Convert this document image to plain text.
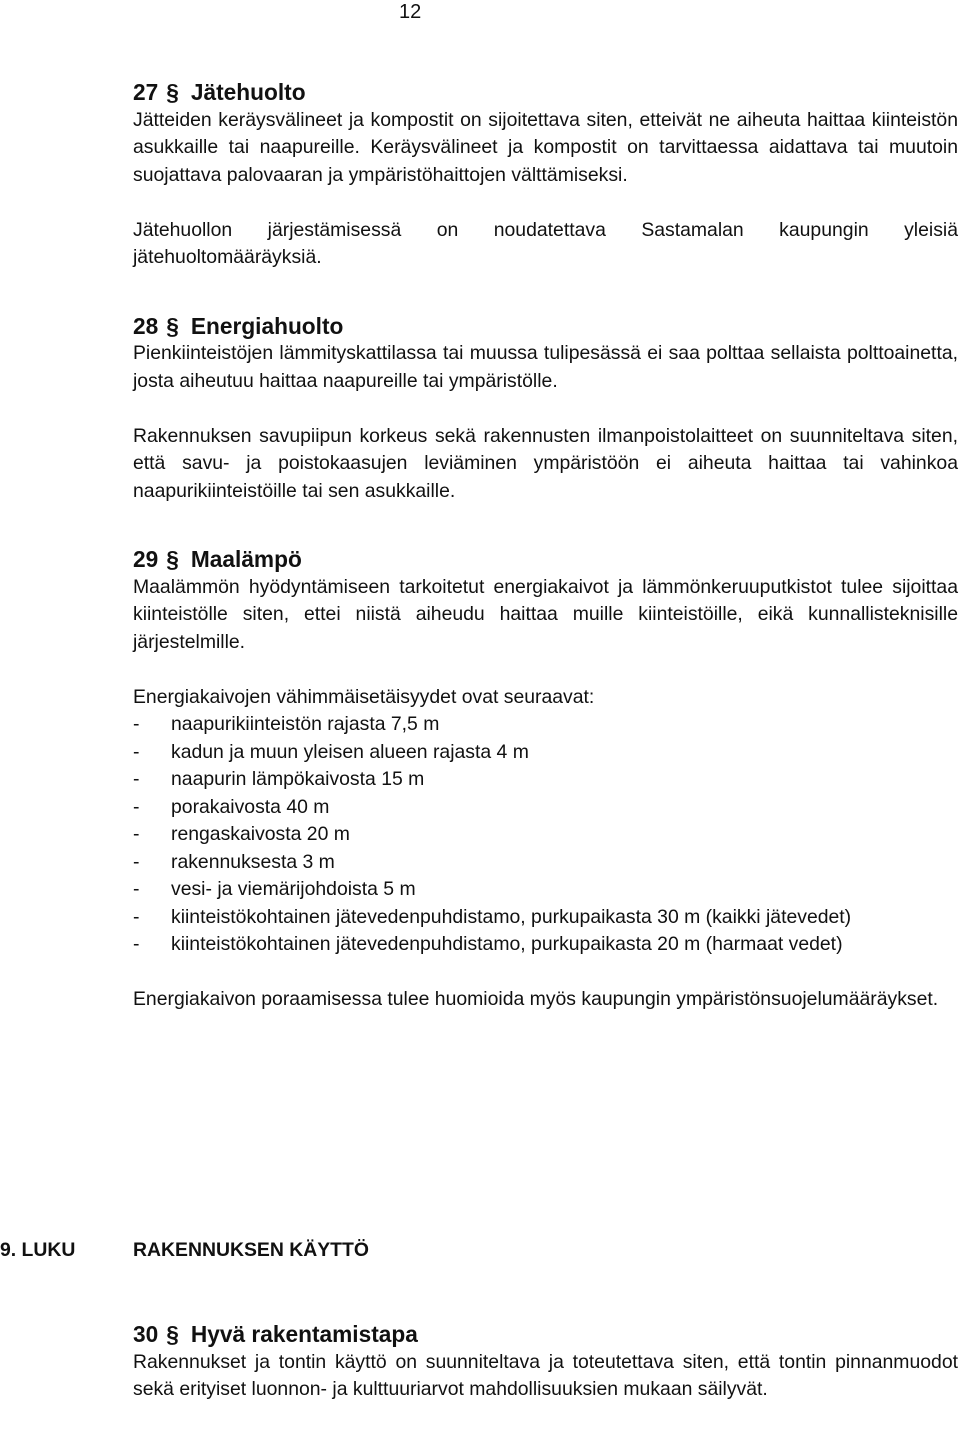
12
27 § Jätehuolto

Jätteiden keräysvälineet ja kompostit on sijoitettava siten, etteivät ne aiheuta haittaa kiinteistön asukkaille tai naapureille. Keräysvälineet ja kompostit on tarvittaessa aidattava tai muutoin suojattava palovaaran ja ympäristöhaittojen välttämiseksi.

Jätehuollon järjestämisessä on noudatettava Sastamalan kaupungin yleisiä jätehuoltomääräyksiä.

28 § Energiahuolto

Pienkiinteistöjen lämmityskattilassa tai muussa tulipesässä ei saa polttaa sellaista polttoainetta, josta aiheutuu haittaa naapureille tai ympäristölle.

Rakennuksen savupiipun korkeus sekä rakennusten ilmanpoistolaitteet on suunniteltava siten, että savu- ja poistokaasujen leviäminen ympäristöön ei aiheuta haittaa tai vahinkoa naapurikiinteistöille tai sen asukkaille.

29 § Maalämpö

Maalämmön hyödyntämiseen tarkoitetut energiakaivot ja lämmönkeruuputkistot tulee sijoittaa kiinteistölle siten, ettei niistä aiheudu haittaa muille kiinteistöille, eikä kunnallisteknisille järjestelmille.

Energiakaivojen vähimmäisetäisyydet ovat seuraavat:

-	naapurikiinteistön rajasta 7,5 m
-	kadun ja muun yleisen alueen rajasta 4 m
-	naapurin lämpökaivosta 15 m
-	porakaivosta 40 m
-	rengaskaivosta 20 m
-	rakennuksesta 3 m
-	vesi- ja viemärijohdoista 5 m
-	kiinteistökohtainen jätevedenpuhdistamo, purkupaikasta 30 m (kaikki jätevedet)
-	kiinteistökohtainen jätevedenpuhdistamo, purkupaikasta 20 m (harmaat vedet)

Energiakaivon poraamisessa tulee huomioida myös kaupungin ympäristönsuojelumääräykset.

9. LUKU	RAKENNUKSEN KÄYTTÖ
30 § Hyvä rakentamistapa

Rakennukset ja tontin käyttö on suunniteltava ja toteutettava siten, että tontin pinnanmuodot sekä erityiset luonnon- ja kulttuuriarvot mahdollisuuksien mukaan säilyvät.
